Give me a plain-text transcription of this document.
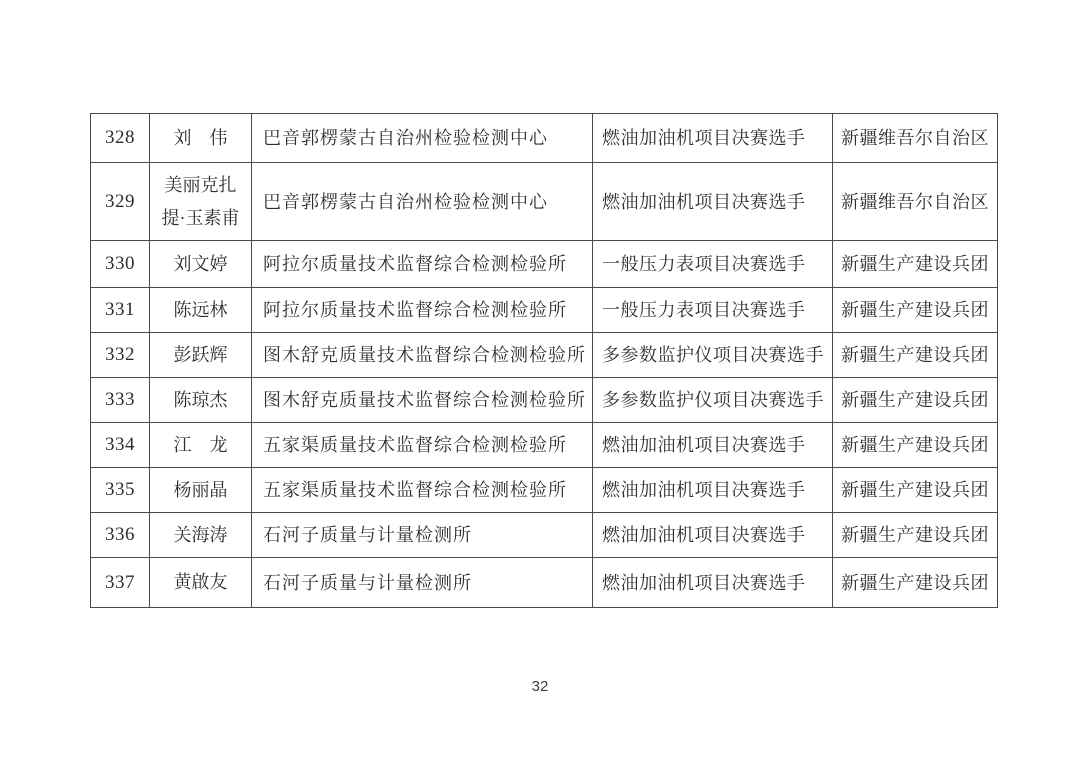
328	刘　伟	巴音郭楞蒙古自治州检验检测中心	燃油加油机项目决赛选手	新疆维吾尔自治区
329	美丽克扎提·玉素甫	巴音郭楞蒙古自治州检验检测中心	燃油加油机项目决赛选手	新疆维吾尔自治区
330	刘文婷	阿拉尔质量技术监督综合检测检验所	一般压力表项目决赛选手	新疆生产建设兵团
331	陈远林	阿拉尔质量技术监督综合检测检验所	一般压力表项目决赛选手	新疆生产建设兵团
332	彭跃辉	图木舒克质量技术监督综合检测检验所	多参数监护仪项目决赛选手	新疆生产建设兵团
333	陈琼杰	图木舒克质量技术监督综合检测检验所	多参数监护仪项目决赛选手	新疆生产建设兵团
334	江　龙	五家渠质量技术监督综合检测检验所	燃油加油机项目决赛选手	新疆生产建设兵团
335	杨丽晶	五家渠质量技术监督综合检测检验所	燃油加油机项目决赛选手	新疆生产建设兵团
336	关海涛	石河子质量与计量检测所	燃油加油机项目决赛选手	新疆生产建设兵团
337	黄啟友	石河子质量与计量检测所	燃油加油机项目决赛选手	新疆生产建设兵团
32
